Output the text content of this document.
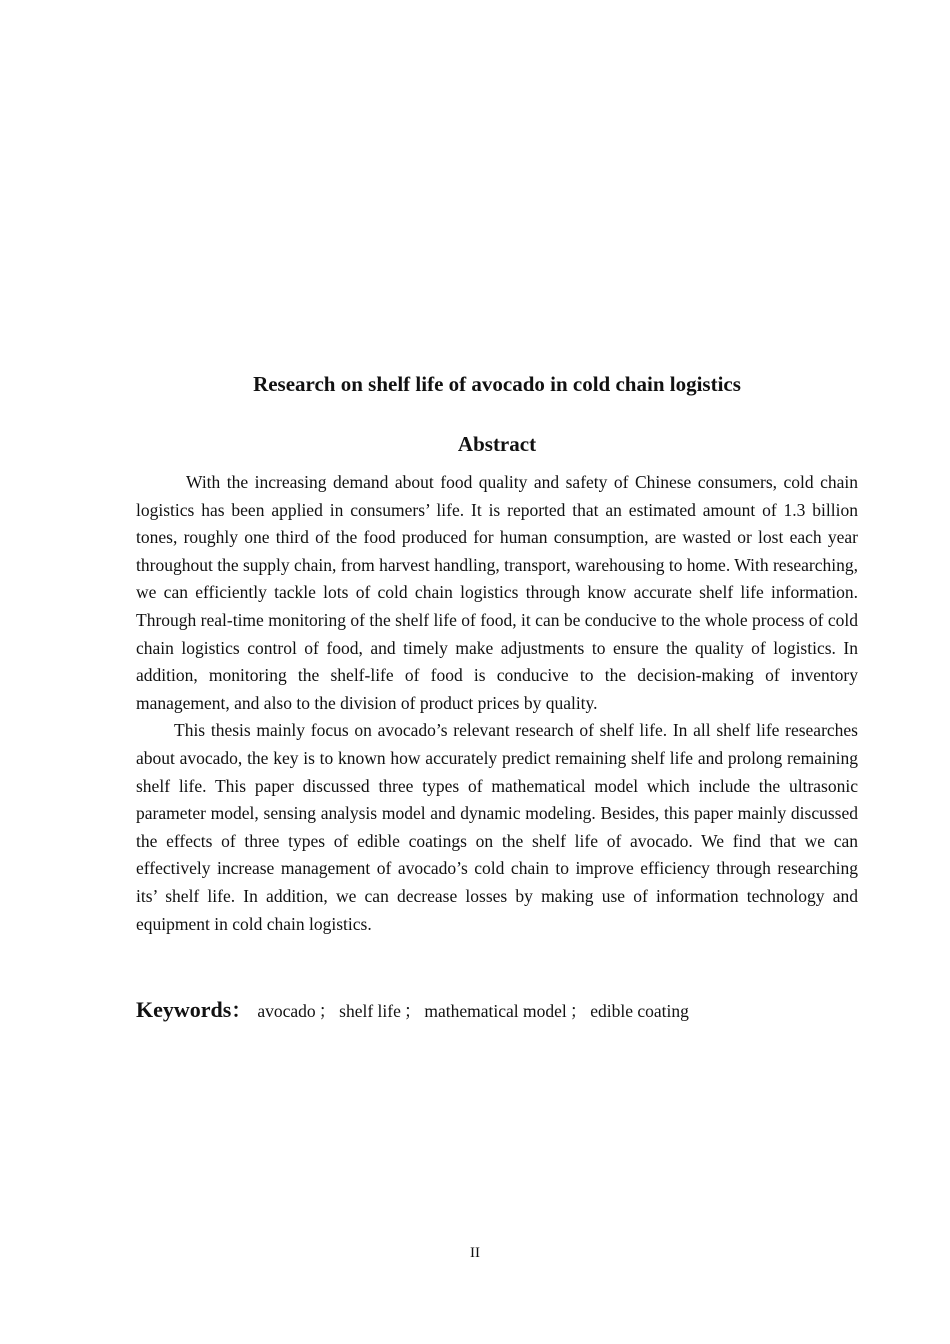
Research on shelf life of avocado in cold chain logistics
Abstract

With the increasing demand about food quality and safety of Chinese consumers, cold chain logistics has been applied in consumers’ life. It is reported that an estimated amount of 1.3 billion tones, roughly one third of the food produced for human consumption, are wasted or lost each year throughout the supply chain, from harvest handling, transport, warehousing to home. With researching, we can efficiently tackle lots of cold chain logistics through know accurate shelf life information. Through real-time monitoring of the shelf life of food, it can be conducive to the whole process of cold chain logistics control of food, and timely make adjustments to ensure the quality of logistics. In addition, monitoring the shelf-life of food is conducive to the decision-making of inventory management, and also to the division of product prices by quality.

This thesis mainly focus on avocado’s relevant research of shelf life. In all shelf life researches about avocado, the key is to known how accurately predict remaining shelf life and prolong remaining shelf life. This paper discussed three types of mathematical model which include the ultrasonic parameter model, sensing analysis model and dynamic modeling. Besides, this paper mainly discussed the effects of three types of edible coatings on the shelf life of avocado. We find that we can effectively increase management of avocado’s cold chain to improve efficiency through researching its’ shelf life. In addition, we can decrease losses by making use of information technology and equipment in cold chain logistics.

Keywords： avocado ； shelf life ； mathematical model ； edible coating
II
